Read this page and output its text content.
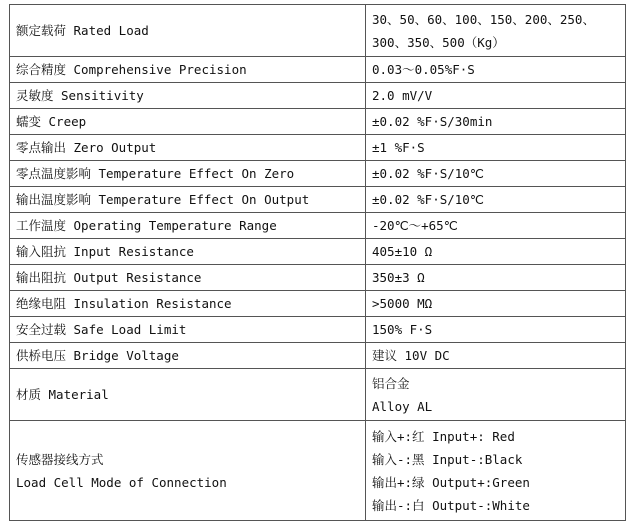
额定载荷 Rated Load	30、50、60、100、150、200、250、
300、350、500（Kg）

综合精度 Comprehensive Precision	0.03～0.05%F·S
灵敏度 Sensitivity	2.0 mV/V
蠕变 Creep	±0.02 %F·S/30min
零点输出 Zero Output	±1 %F·S
零点温度影响 Temperature Effect On Zero	±0.02 %F·S/10℃
输出温度影响 Temperature Effect On Output	±0.02 %F·S/10℃
工作温度 Operating Temperature Range	-20℃～+65℃
输入阻抗 Input Resistance	405±10 Ω
输出阻抗 Output Resistance	350±3 Ω
绝缘电阻 Insulation Resistance	>5000 MΩ
安全过载 Safe Load Limit	150% F·S
供桥电压 Bridge Voltage	建议 10V DC

材质 Material	铝合金
Alloy AL

传感器接线方式
Load Cell Mode of Connection	输入+:红 Input+: Red
输入-:黑 Input-:Black
输出+:绿 Output+:Green
输出-:白 Output-:White
